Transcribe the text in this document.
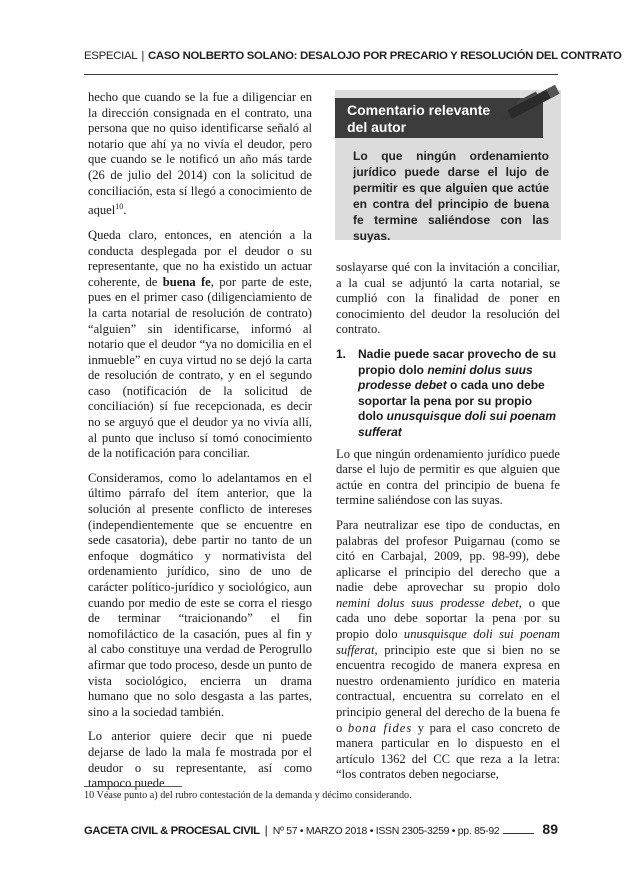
ESPECIAL | CASO NOLBERTO SOLANO: DESALOJO POR PRECARIO Y RESOLUCIÓN DEL CONTRATO

hecho que cuando se la fue a diligenciar en la dirección consignada en el contrato, una persona que no quiso identificarse señaló al notario que ahí ya no vivía el deudor, pero que cuando se le notificó un año más tarde (26 de julio del 2014) con la solicitud de conciliación, esta sí llegó a conocimiento de aquel$^{10}$.

Queda claro, entonces, en atención a la conducta desplegada por el deudor o su representante, que no ha existido un actuar coherente, de buena fe, por parte de este, pues en el primer caso (diligenciamiento de la carta notarial de resolución de contrato) “alguien” sin identificarse, informó al notario que el deudor “ya no domicilia en el inmueble” en cuya virtud no se dejó la carta de resolución de contrato, y en el segundo caso (notificación de la solicitud de conciliación) sí fue recepcionada, es decir no se arguyó que el deudor ya no vivía allí, al punto que incluso sí tomó conocimiento de la notificación para conciliar.

Consideramos, como lo adelantamos en el último párrafo del ítem anterior, que la solución al presente conflicto de intereses (independientemente que se encuentre en sede casatoria), debe partir no tanto de un enfoque dogmático y normativista del ordenamiento jurídico, sino de uno de carácter político-jurídico y sociológico, aun cuando por medio de este se corra el riesgo de terminar “traicionando” el fin nomofiláctico de la casación, pues al fin y al cabo constituye una verdad de Perogrullo afirmar que todo proceso, desde un punto de vista sociológico, encierra un drama humano que no solo desgasta a las partes, sino a la sociedad también.

Lo anterior quiere decir que ni puede dejarse de lado la mala fe mostrada por el deudor o su representante, así como tampoco puede

Comentario relevante
del autor
Lo que ningún ordenamiento jurídico puede darse el lujo de permitir es que alguien que actúe en contra del principio de buena fe termine saliéndose con las suyas.

soslayarse qué con la invitación a conciliar, a la cual se adjuntó la carta notarial, se cumplió con la finalidad de poner en conocimiento del deudor la resolución del contrato.

1. Nadie puede sacar provecho de su propio dolo nemini dolus suus prodesse debet o cada uno debe soportar la pena por su propio dolo unusquisque doli sui poenam sufferat

Lo que ningún ordenamiento jurídico puede darse el lujo de permitir es que alguien que actúe en contra del principio de buena fe termine saliéndose con las suyas.

Para neutralizar ese tipo de conductas, en palabras del profesor Puigarnau (como se citó en Carbajal, 2009, pp. 98-99), debe aplicarse el principio del derecho que a nadie debe aprovechar su propio dolo nemini dolus suus prodesse debet, o que cada uno debe soportar la pena por su propio dolo unusquisque doli sui poenam sufferat, principio este que si bien no se encuentra recogido de manera expresa en nuestro ordenamiento jurídico en materia contractual, encuentra su correlato en el principio general del derecho de la buena fe o bona fides y para el caso concreto de manera particular en lo dispuesto en el artículo 1362 del CC que reza a la letra: “los contratos deben negociarse,

10 Véase punto a) del rubro contestación de la demanda y décimo considerando.
GACETA CIVIL & PROCESAL CIVIL | Nº 57 • MARZO 2018 • ISSN 2305-3259 • pp. 85-92	89
